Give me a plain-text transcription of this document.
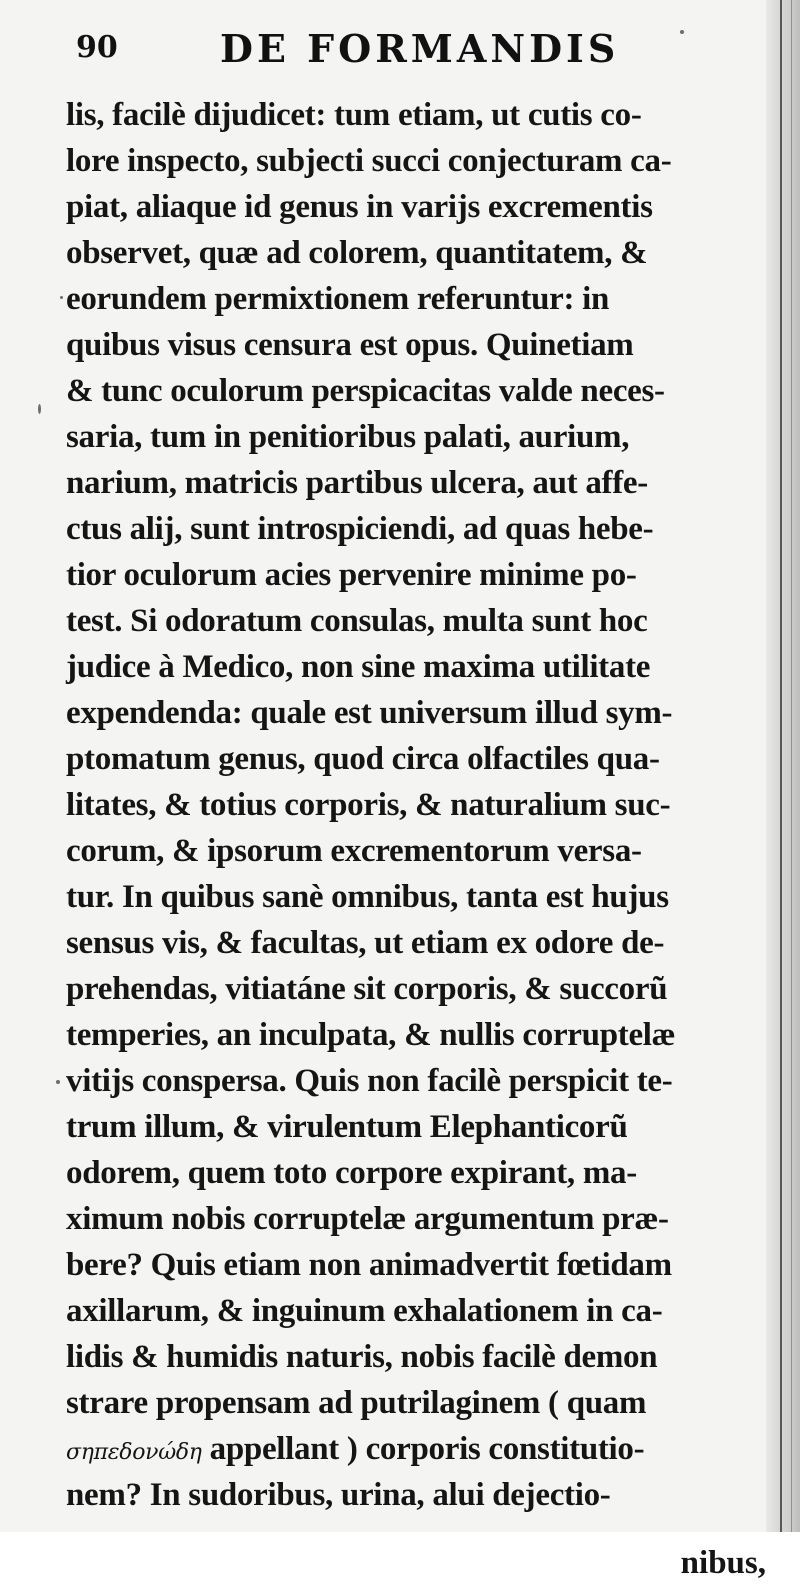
90	DE FORMANDIS
lis, facilè dijudicet: tum etiam, ut cutis co-
lore inspecto, subjecti succi conjecturam ca-
piat, aliaque id genus in varijs excrementis
observet, quæ ad colorem, quantitatem, &
eorundem permixtionem referuntur: in
quibus visus censura est opus. Quinetiam
& tunc oculorum perspicacitas valde neces-
saria, tum in penitioribus palati, aurium,
narium, matricis partibus ulcera, aut affe-
ctus alij, sunt introspiciendi, ad quas hebe-
tior oculorum acies pervenire minime po-
test. Si odoratum consulas, multa sunt hoc
judice à Medico, non sine maxima utilitate
expendenda: quale est universum illud sym-
ptomatum genus, quod circa olfactiles qua-
litates, & totius corporis, & naturalium suc-
corum, & ipsorum excrementorum versa-
tur. In quibus sanè omnibus, tanta est hujus
sensus vis, & facultas, ut etiam ex odore de-
prehendas, vitiatáne sit corporis, & succorũ
temperies, an inculpata, & nullis corruptelæ
vitijs conspersa. Quis non facilè perspicit te-
trum illum, & virulentum Elephanticorũ
odorem, quem toto corpore expirant, ma-
ximum nobis corruptelæ argumentum præ-
bere? Quis etiam non animadvertit fœtidam
axillarum, & inguinum exhalationem in ca-
lidis & humidis naturis, nobis facilè demon
strare propensam ad putrilaginem ( quam
σηπεδονώδη appellant ) corporis constitutio-
nem? In sudoribus, urina, alui dejectio-
nibus,
